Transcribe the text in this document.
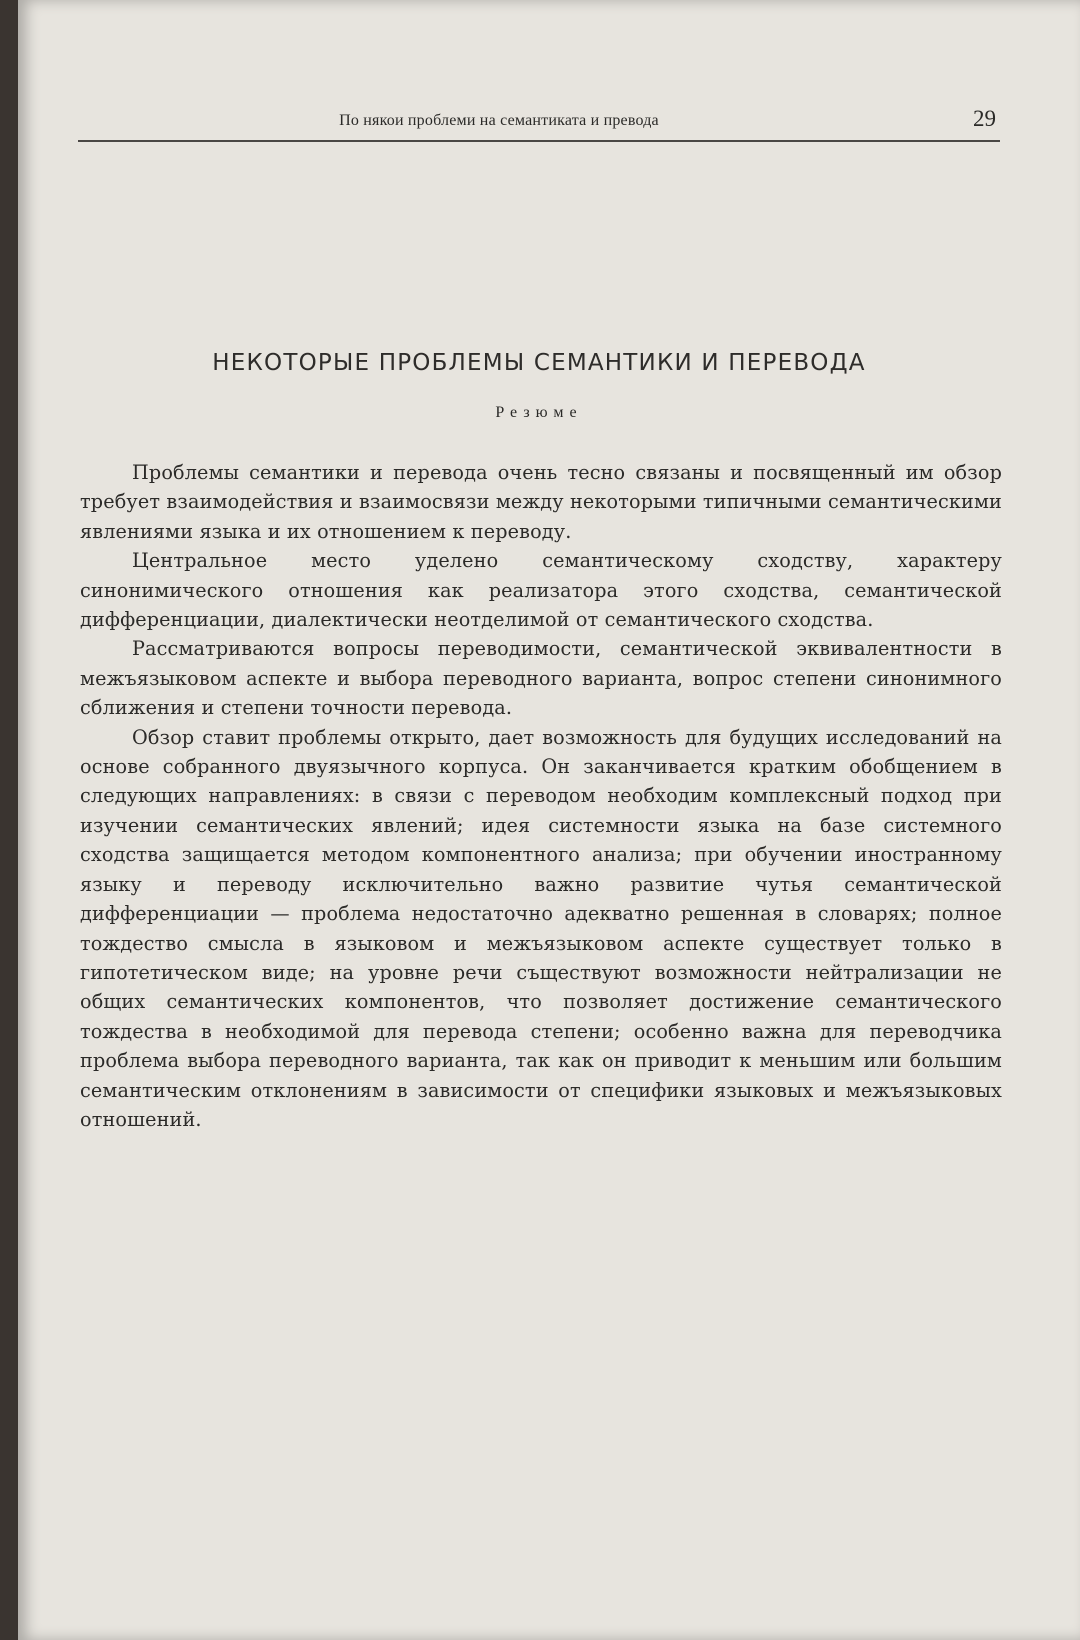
По някои проблеми на семантиката и превода	29
НЕКОТОРЫЕ ПРОБЛЕМЫ СЕМАНТИКИ И ПЕРЕВОДА
Резюме

Проблемы семантики и перевода очень тесно связаны и посвященный им обзор требует взаимодействия и взаимосвязи между некоторыми типичными семантическими явлениями языка и их отношением к переводу.

Центральное место уделено семантическому сходству, характеру синонимического отношения как реализатора этого сходства, семантической дифференциации, диалектически неотделимой от семантического сходства.

Рассматриваются вопросы переводимости, семантической эквивалентности в межъязыковом аспекте и выбора переводного варианта, вопрос степени синонимного сближения и степени точности перевода.

Обзор ставит проблемы открыто, дает возможность для будущих исследований на основе собранного двуязычного корпуса. Он заканчивается кратким обобщением в следующих направлениях: в связи с переводом необходим комплексный подход при изучении семантических явлений; идея системности языка на базе системного сходства защищается методом компонентного анализа; при обучении иностранному языку и переводу исключительно важно развитие чутья семантической дифференциации — проблема недостаточно адекватно решенная в словарях; полное тождество смысла в языковом и межъязыковом аспекте существует только в гипотетическом виде; на уровне речи съществуют возможности нейтрализации не общих семантических компонентов, что позволяет достижение семантического тождества в необходимой для перевода степени; особенно важна для переводчика проблема выбора переводного варианта, так как он приводит к меньшим или большим семантическим отклонениям в зависимости от специфики языковых и межъязыковых отношений.
